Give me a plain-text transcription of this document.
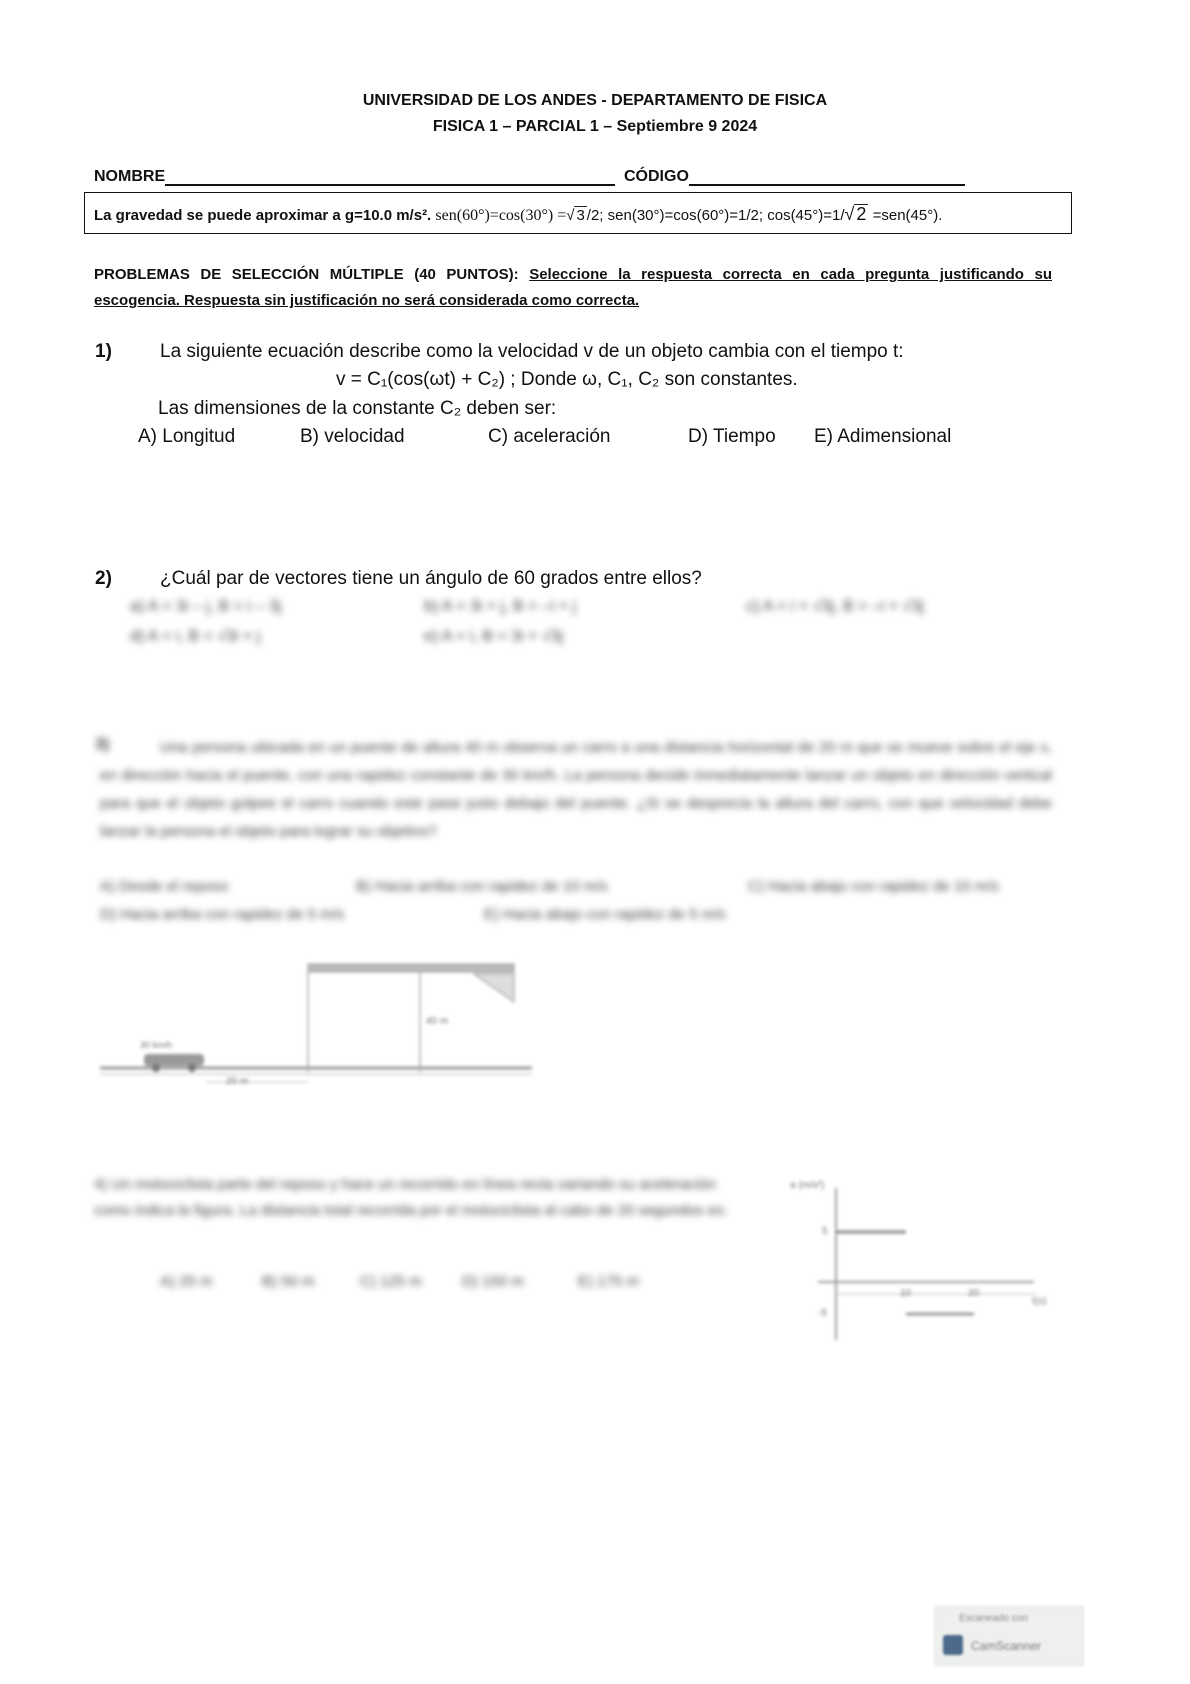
UNIVERSIDAD DE LOS ANDES - DEPARTAMENTO DE FISICA
FISICA 1 – PARCIAL 1 – Septiembre 9 2024
NOMBRE	CÓDIGO
La gravedad se puede aproximar a g=10.0 m/s². sen(60°)=cos(30°) =√ 3 /2; sen(30°)=cos(60°)=1/2; cos(45°)=1/√ 2 =sen(45°).
PROBLEMAS DE SELECCIÓN MÚLTIPLE (40 PUNTOS): Seleccione la respuesta correcta en cada pregunta justificando su escogencia. Respuesta sin justificación no será considerada como correcta.
1)	La siguiente ecuación describe como la velocidad v de un objeto cambia con el tiempo t:
v = C₁(cos(ωt) + C₂) ; Donde ω, C₁, C₂ son constantes.
Las dimensiones de la constante C₂ deben ser:
A) Longitud	B) velocidad	C) aceleración	D) Tiempo E) Adimensional
2)	¿Cuál par de vectores tiene un ángulo de 60 grados entre ellos?
a) A = 3i – j, B = i – 3j	b) A = 3i + j, B = –i + j	c) A = i + √3j, B = –i + √3j
d) A = i, B = √3i + j	e) A = i, B = 3i + √3j
3)	Una persona ubicada en un puente de altura 40 m observa un carro a una distancia horizontal de 20 m que se mueve sobre el eje x, en dirección hacia el puente, con una rapidez constante de 30 km/h. La persona decide inmediatamente lanzar un objeto en dirección vertical para que el objeto golpee el carro cuando este pase justo debajo del puente. ¿Si se desprecia la altura del carro, con que velocidad debe lanzar la persona el objeto para lograr su objetivo?
A) Desde el reposo	B) Hacia arriba con rapidez de 10 m/s	C) Hacia abajo con rapidez de 10 m/s
D) Hacia arriba con rapidez de 5 m/s	E) Hacia abajo con rapidez de 5 m/s
40 m
20 m
30 km/h
4) Un motociclista parte del reposo y hace un recorrido en línea recta variando su aceleración como indica la figura. La distancia total recorrida por el motociclista al cabo de 20 segundos es:
A) 25 m	B) 50 m	C) 125 m	D) 150 m	E) 175 m
a (m/s²)
5
-5
10	20
t(s)
Escaneado con
CamScanner
